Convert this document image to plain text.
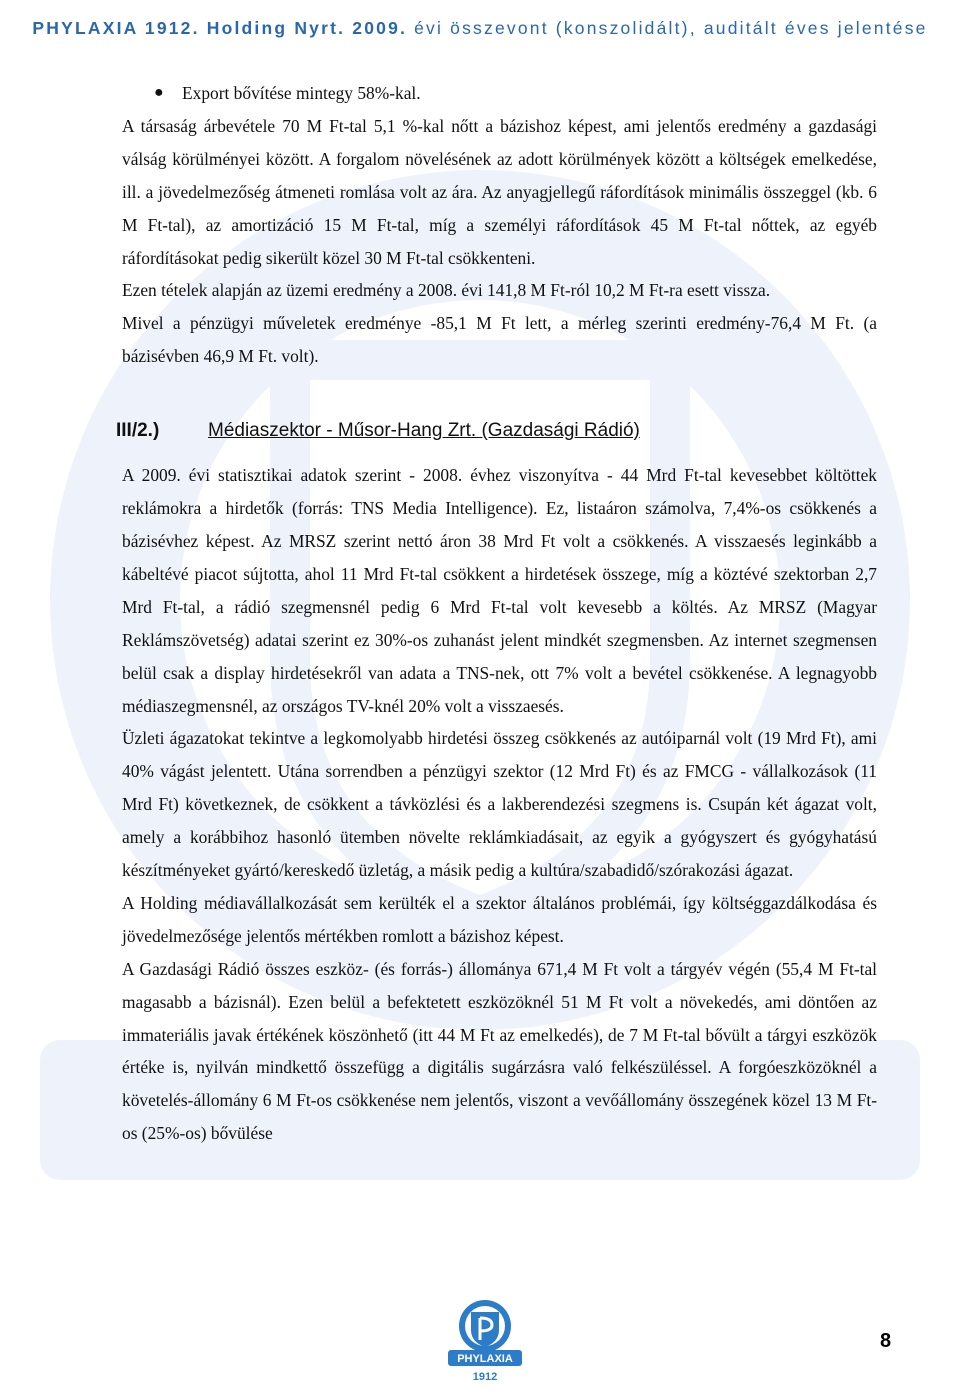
PHYLAXIA 1912. Holding Nyrt. 2009. évi összevont (konszolidált), auditált éves jelentése
● Export bővítése mintegy 58%-kal.

A társaság árbevétele 70 M Ft-tal 5,1 %-kal nőtt a bázishoz képest, ami jelentős eredmény a gazdasági válság körülményei között. A forgalom növelésének az adott körülmények között a költségek emelkedése, ill. a jövedelmezőség átmeneti romlása volt az ára. Az anyagjellegű ráfordítások minimális összeggel (kb. 6 M Ft-tal), az amortizáció 15 M Ft-tal, míg a személyi ráfordítások 45 M Ft-tal nőttek, az egyéb ráfordításokat pedig sikerült közel 30 M Ft-tal csökkenteni.

Ezen tételek alapján az üzemi eredmény a 2008. évi 141,8 M Ft-ról 10,2 M Ft-ra esett vissza.

Mivel a pénzügyi műveletek eredménye -85,1 M Ft lett, a mérleg szerinti eredmény-76,4 M Ft. (a bázisévben 46,9 M Ft. volt).

III/2.)	Médiaszektor - Műsor-Hang Zrt. (Gazdasági Rádió)

A 2009. évi statisztikai adatok szerint - 2008. évhez viszonyítva - 44 Mrd Ft-tal kevesebbet költöttek reklámokra a hirdetők (forrás: TNS Media Intelligence). Ez, listaáron számolva, 7,4%-os csökkenés a bázisévhez képest. Az MRSZ szerint nettó áron 38 Mrd Ft volt a csökkenés. A visszaesés leginkább a kábeltévé piacot sújtotta, ahol 11 Mrd Ft-tal csökkent a hirdetések összege, míg a köztévé szektorban 2,7 Mrd Ft-tal, a rádió szegmensnél pedig 6 Mrd Ft-tal volt kevesebb a költés. Az MRSZ (Magyar Reklámszövetség) adatai szerint ez 30%-os zuhanást jelent mindkét szegmensben. Az internet szegmensen belül csak a display hirdetésekről van adata a TNS-nek, ott 7% volt a bevétel csökkenése. A legnagyobb médiaszegmensnél, az országos TV-knél 20% volt a visszaesés.

Üzleti ágazatokat tekintve a legkomolyabb hirdetési összeg csökkenés az autóiparnál volt (19 Mrd Ft), ami 40% vágást jelentett. Utána sorrendben a pénzügyi szektor (12 Mrd Ft) és az FMCG - vállalkozások (11 Mrd Ft) következnek, de csökkent a távközlési és a lakberendezési szegmens is. Csupán két ágazat volt, amely a korábbihoz hasonló ütemben növelte reklámkiadásait, az egyik a gyógyszert és gyógyhatású készítményeket gyártó/kereskedő üzletág, a másik pedig a kultúra/szabadidő/szórakozási ágazat.

A Holding médiavállalkozását sem kerülték el a szektor általános problémái, így költséggazdálkodása és jövedelmezősége jelentős mértékben romlott a bázishoz képest.

A Gazdasági Rádió összes eszköz- (és forrás-) állománya 671,4 M Ft volt a tárgyév végén (55,4 M Ft-tal magasabb a bázisnál). Ezen belül a befektetett eszközöknél 51 M Ft volt a növekedés, ami döntően az immateriális javak értékének köszönhető (itt 44 M Ft az emelkedés), de 7 M Ft-tal bővült a tárgyi eszközök értéke is, nyilván mindkettő összefügg a digitális sugárzásra való felkészüléssel. A forgóeszközöknél a követelés-állomány 6 M Ft-os csökkenése nem jelentős, viszont a vevőállomány összegének közel 13 M Ft-os (25%-os) bővülése

PHYLAXIA
1912
8
